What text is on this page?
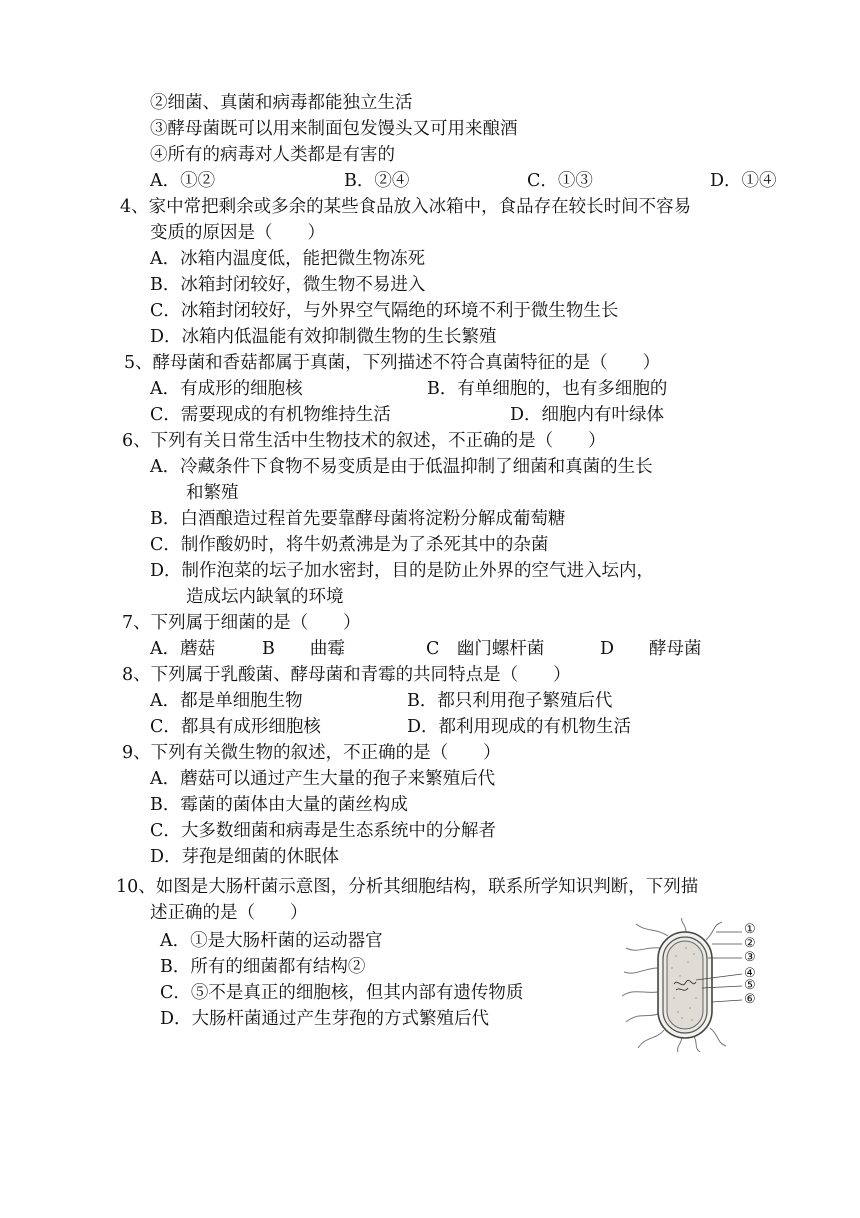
②细菌、真菌和病毒都能独立生活
③酵母菌既可以用来制面包发馒头又可用来酿酒
④所有的病毒对人类都是有害的
A．①②	B．②④	C．①③	D．①④
4、家中常把剩余或多余的某些食品放入冰箱中，食品存在较长时间不容易
变质的原因是（　　）
A．冰箱内温度低，能把微生物冻死
B．冰箱封闭较好，微生物不易进入
C．冰箱封闭较好，与外界空气隔绝的环境不利于微生物生长
D．冰箱内低温能有效抑制微生物的生长繁殖
5、酵母菌和香菇都属于真菌，下列描述不符合真菌特征的是（　　）
A．有成形的细胞核	B．有单细胞的，也有多细胞的
C．需要现成的有机物维持生活	D．细胞内有叶绿体
6、下列有关日常生活中生物技术的叙述，不正确的是（　　）
A．冷藏条件下食物不易变质是由于低温抑制了细菌和真菌的生长
和繁殖
B．白酒酿造过程首先要靠酵母菌将淀粉分解成葡萄糖
C．制作酸奶时，将牛奶煮沸是为了杀死其中的杂菌
D．制作泡菜的坛子加水密封，目的是防止外界的空气进入坛内，
造成坛内缺氧的环境
7、下列属于细菌的是（　　）
A．蘑菇	B　　曲霉	C　幽门螺杆菌	D　　酵母菌
8、下列属于乳酸菌、酵母菌和青霉的共同特点是（　　）
A．都是单细胞生物	B．都只利用孢子繁殖后代
C．都具有成形细胞核	D．都利用现成的有机物生活
9、下列有关微生物的叙述，不正确的是（　　）
A．蘑菇可以通过产生大量的孢子来繁殖后代
B．霉菌的菌体由大量的菌丝构成
C．大多数细菌和病毒是生态系统中的分解者
D．芽孢是细菌的休眠体
10、如图是大肠杆菌示意图，分析其细胞结构，联系所学知识判断，下列描
述正确的是（　　）
A．①是大肠杆菌的运动器官
B．所有的细菌都有结构②
C．⑤不是真正的细胞核，但其内部有遗传物质
D．大肠杆菌通过产生芽孢的方式繁殖后代
①
②
③
④
⑤
⑥
